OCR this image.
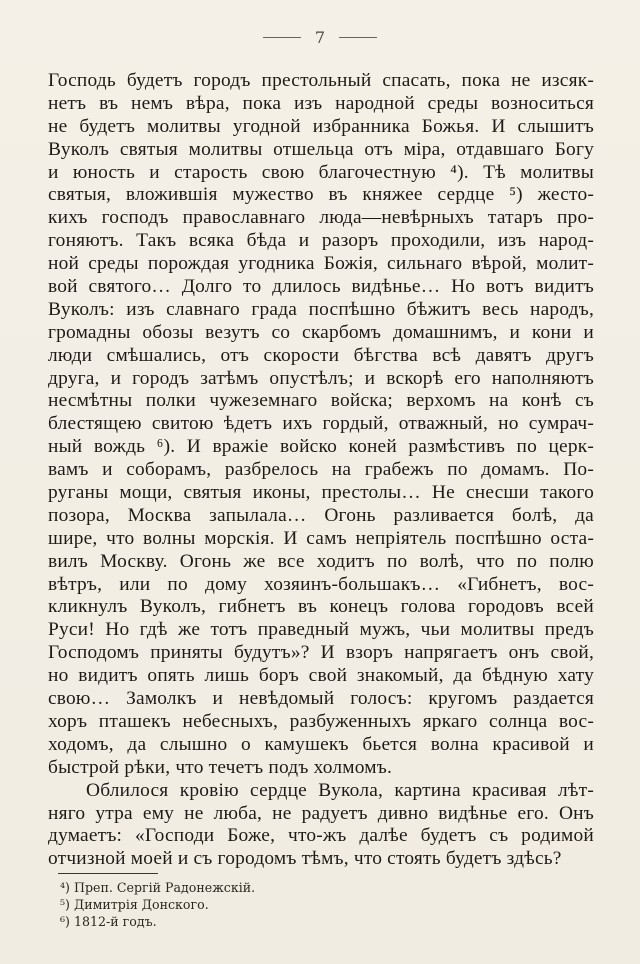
7
Господь будетъ городъ престольный спасать, пока не изсяк-
нетъ въ немъ вѣра, пока изъ народной среды возноситься
не будетъ молитвы угодной избранника Божья. И слышитъ
Вуколъ святыя молитвы отшельца отъ міра, отдавшаго Богу
и юность и старость свою благочестную ⁴). Тѣ молитвы
святыя, вложившія мужество въ княжее сердце ⁵) жесто-
кихъ господъ православнаго люда—невѣрныхъ татаръ про-
гоняютъ. Такъ всяка бѣда и разоръ проходили, изъ народ-
ной среды порождая угодника Божія, сильнаго вѣрой, молит-
вой святого… Долго то длилось видѣнье… Но вотъ видитъ
Вуколъ: изъ славнаго града поспѣшно бѣжитъ весь народъ,
громадны обозы везутъ со скарбомъ домашнимъ, и кони и
люди смѣшались, отъ скорости бѣгства всѣ давятъ другъ
друга, и городъ затѣмъ опустѣлъ; и вскорѣ его наполняютъ
несмѣтны полки чужеземнаго войска; верхомъ на конѣ съ
блестящею свитою ѣдетъ ихъ гордый, отважный, но сумрач-
ный вождь ⁶). И вражіе войско коней размѣстивъ по церк-
вамъ и соборамъ, разбрелось на грабежъ по домамъ. По-
руганы мощи, святыя иконы, престолы… Не снесши такого
позора, Москва запылала… Огонь разливается болѣ, да
шире, что волны морскія. И самъ непріятель поспѣшно оста-
вилъ Москву. Огонь же все ходитъ по волѣ, что по полю
вѣтръ, или по дому хозяинъ-большакъ… «Гибнетъ, вос-
кликнулъ Вуколъ, гибнетъ въ конецъ голова городовъ всей
Руси! Но гдѣ же тотъ праведный мужъ, чьи молитвы предъ
Господомъ приняты будутъ»? И взоръ напрягаетъ онъ свой,
но видитъ опять лишь боръ свой знакомый, да бѣдную хату
свою… Замолкъ и невѣдомый голосъ: кругомъ раздается
хоръ пташекъ небесныхъ, разбуженныхъ яркаго солнца вос-
ходомъ, да слышно о камушекъ бьется волна красивой и
быстрой рѣки, что течетъ подъ холмомъ.
Облилося кровію сердце Вукола, картина красивая лѣт-
няго утра ему не люба, не радуетъ дивно видѣнье его. Онъ
думаетъ: «Господи Боже, что-жъ далѣе будетъ съ родимой
отчизной моей и съ городомъ тѣмъ, что стоять будетъ здѣсь?
⁴) Преп. Сергій Радонежскій.
⁵) Димитрія Донского.
⁶) 1812-й годъ.
